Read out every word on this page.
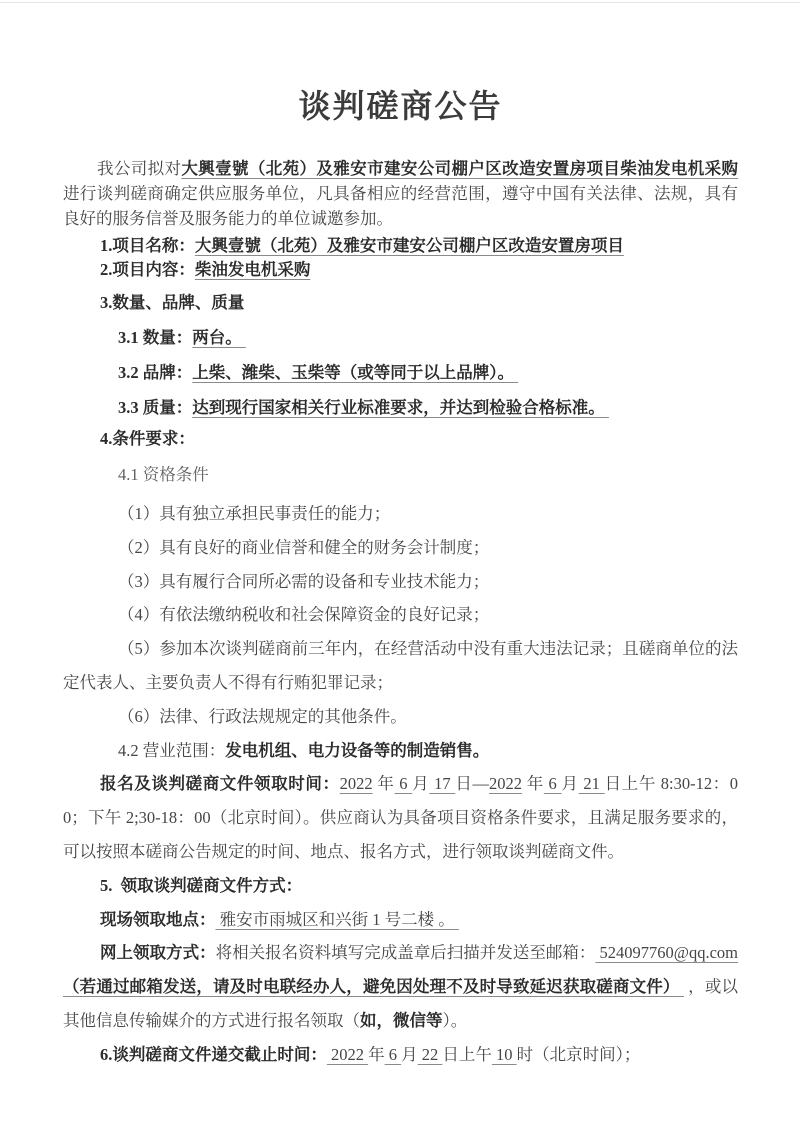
谈判磋商公告

我公司拟对大興壹號（北苑）及雅安市建安公司棚户区改造安置房项目柴油发电机采购进行谈判磋商确定供应服务单位，凡具备相应的经营范围，遵守中国有关法律、法规，具有良好的服务信誉及服务能力的单位诚邀参加。

1.项目名称：大興壹號（北苑）及雅安市建安公司棚户区改造安置房项目

2.项目内容：柴油发电机采购

3.数量、品牌、质量

3.1 数量：两台。

3.2 品牌：上柴、潍柴、玉柴等（或等同于以上品牌）。

3.3 质量：达到现行国家相关行业标准要求，并达到检验合格标准。

4.条件要求：

4.1 资格条件

（1）具有独立承担民事责任的能力；

（2）具有良好的商业信誉和健全的财务会计制度；

（3）具有履行合同所必需的设备和专业技术能力；

（4）有依法缴纳税收和社会保障资金的良好记录；

（5）参加本次谈判磋商前三年内，在经营活动中没有重大违法记录；且磋商单位的法定代表人、主要负责人不得有行贿犯罪记录；

（6）法律、行政法规规定的其他条件。

4.2 营业范围：发电机组、电力设备等的制造销售。

报名及谈判磋商文件领取时间：2022 年 6 月 17 日—2022 年 6 月 21 日上午 8:30-12：00；下午 2;30-18：00（北京时间）。供应商认为具备项目资格条件要求，且满足服务要求的，可以按照本磋商公告规定的时间、地点、报名方式，进行领取谈判磋商文件。

5.  领取谈判磋商文件方式：

现场领取地点： 雅安市雨城区和兴街 1 号二楼 。

网上领取方式：将相关报名资料填写完成盖章后扫描并发送至邮箱： 524097760@qq.com（若通过邮箱发送，请及时电联经办人，避免因处理不及时导致延迟获取磋商文件）  ，或以其他信息传输媒介的方式进行报名领取（如，微信等）。

6.谈判磋商文件递交截止时间： 2022 年 6 月 22 日上午 10 时（北京时间）；
